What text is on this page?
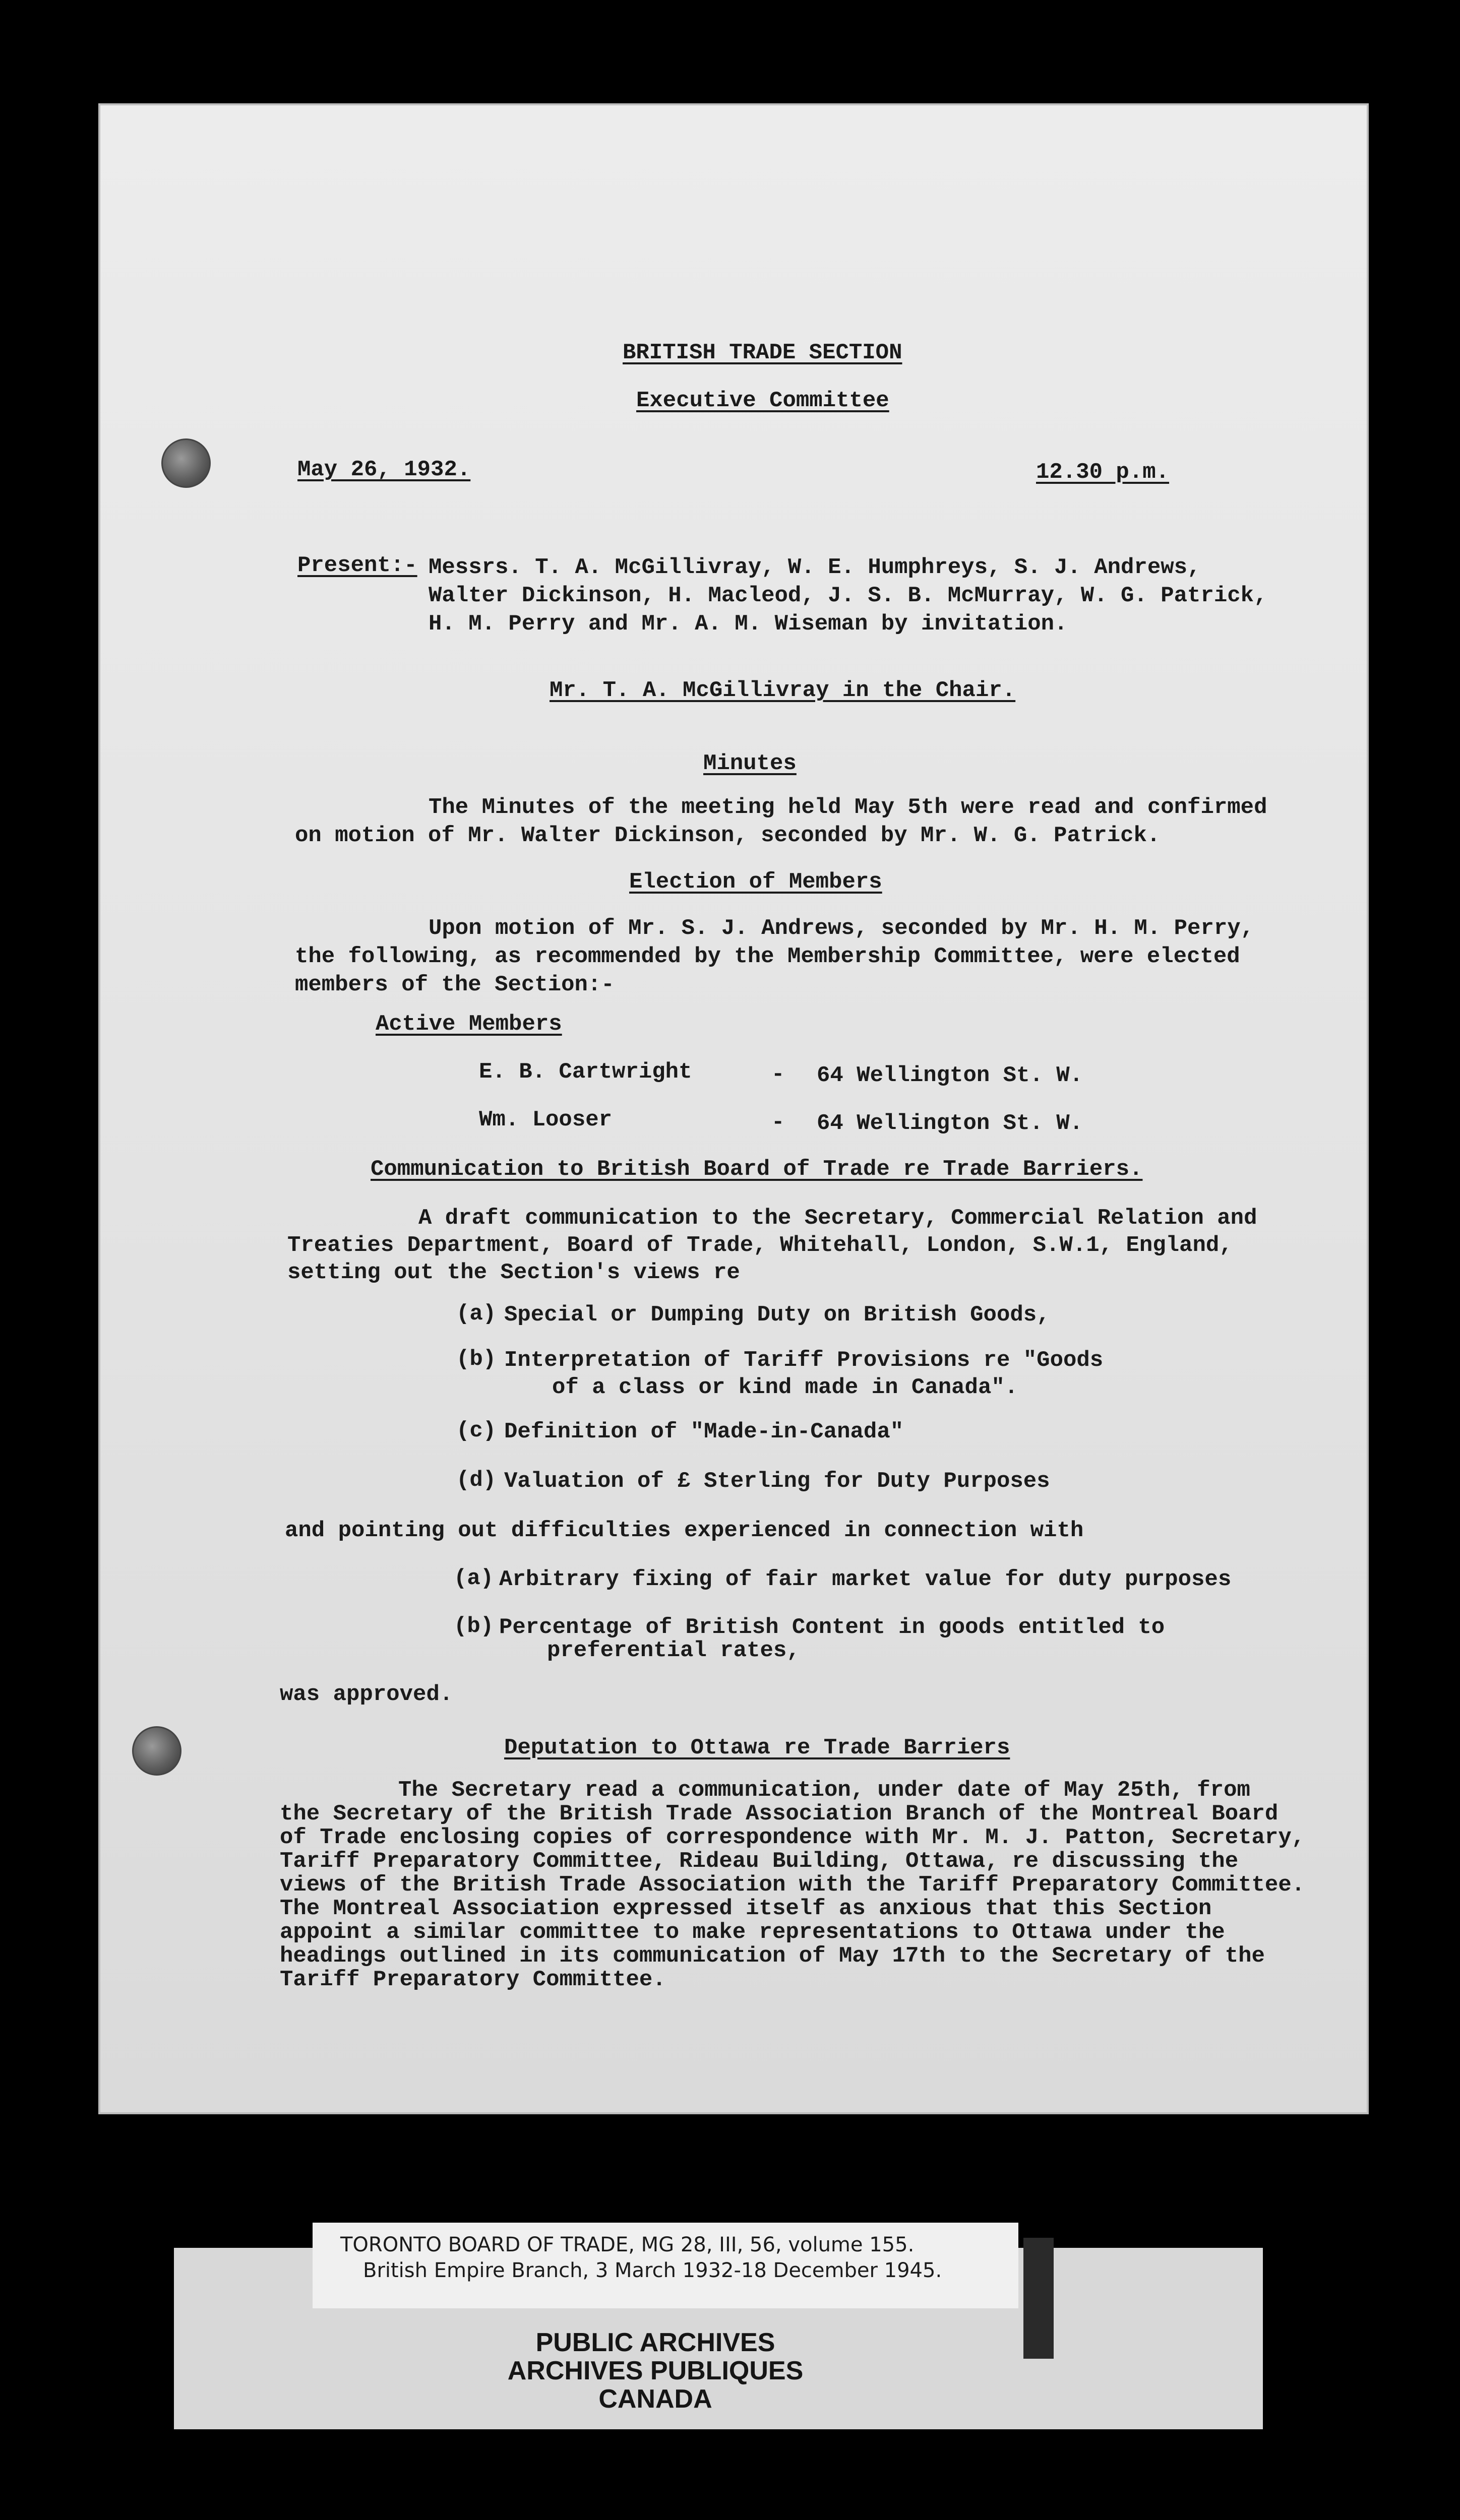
BRITISH TRADE SECTION
Executive Committee
May 26, 1932.	12.30 p.m.
Present:- Messrs. T. A. McGillivray, W. E. Humphreys, S. J. Andrews,
Walter Dickinson, H. Macleod, J. S. B. McMurray, W. G. Patrick,
H. M. Perry and Mr. A. M. Wiseman by invitation.
Mr. T. A. McGillivray in the Chair.
Minutes
The Minutes of the meeting held May 5th were read and confirmed
on motion of Mr. Walter Dickinson, seconded by Mr. W. G. Patrick.
Election of Members
Upon motion of Mr. S. J. Andrews, seconded by Mr. H. M. Perry,
the following, as recommended by the Membership Committee, were elected
members of the Section:-
Active Members
E. B. Cartwright	- 64 Wellington St. W.
Wm. Looser	- 64 Wellington St. W.
Communication to British Board of Trade re Trade Barriers.
A draft communication to the Secretary, Commercial Relation and
Treaties Department, Board of Trade, Whitehall, London, S.W.1, England,
setting out the Section's views re
(a) Special or Dumping Duty on British Goods,
(b) Interpretation of Tariff Provisions re "Goods
of a class or kind made in Canada".
(c) Definition of "Made-in-Canada"
(d) Valuation of £ Sterling for Duty Purposes
and pointing out difficulties experienced in connection with
(a) Arbitrary fixing of fair market value for duty purposes
(b) Percentage of British Content in goods entitled to
preferential rates,
was approved.
Deputation to Ottawa re Trade Barriers
The Secretary read a communication, under date of May 25th, from
the Secretary of the British Trade Association Branch of the Montreal Board
of Trade enclosing copies of correspondence with Mr. M. J. Patton, Secretary,
Tariff Preparatory Committee, Rideau Building, Ottawa, re discussing the
views of the British Trade Association with the Tariff Preparatory Committee.
The Montreal Association expressed itself as anxious that this Section
appoint a similar committee to make representations to Ottawa under the
headings outlined in its communication of May 17th to the Secretary of the
Tariff Preparatory Committee.
TORONTO BOARD OF TRADE, MG 28, III, 56, volume 155.
British Empire Branch, 3 March 1932-18 December 1945.
PUBLIC ARCHIVES
ARCHIVES PUBLIQUES
CANADA
